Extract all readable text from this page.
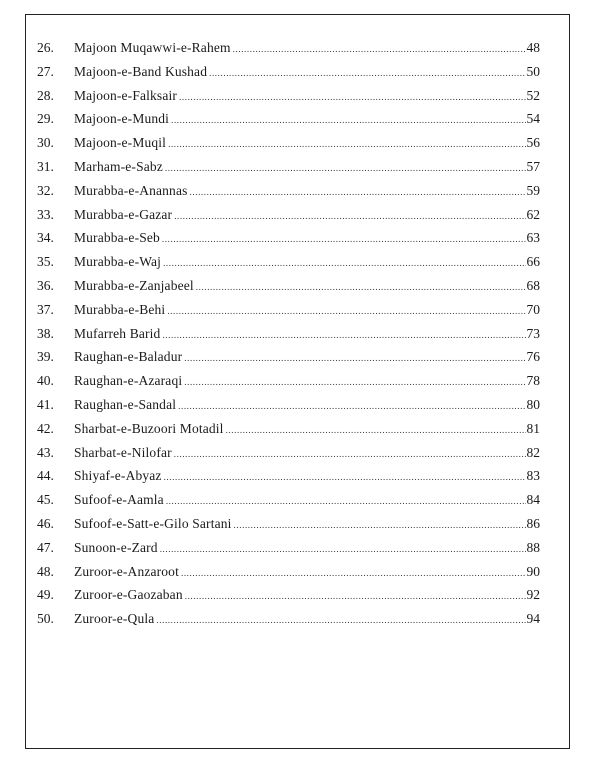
26.	Majoon Muqawwi-e-Rahem .....	48
27.	Majoon-e-Band Kushad .....	50
28.	Majoon-e-Falksair .....	52
29.	Majoon-e-Mundi .....	54
30.	Majoon-e-Muqil .....	56
31.	Marham-e-Sabz .....	57
32.	Murabba-e-Anannas .....	59
33.	Murabba-e-Gazar .....	62
34.	Murabba-e-Seb .....	63
35.	Murabba-e-Waj .....	66
36.	Murabba-e-Zanjabeel .....	68
37.	Murabba-e-Behi .....	70
38.	Mufarreh Barid .....	73
39.	Raughan-e-Baladur .....	76
40.	Raughan-e-Azaraqi .....	78
41.	Raughan-e-Sandal .....	80
42.	Sharbat-e-Buzoori Motadil .....	81
43.	Sharbat-e-Nilofar .....	82
44.	Shiyaf-e-Abyaz .....	83
45.	Sufoof-e-Aamla .....	84
46.	Sufoof-e-Satt-e-Gilo Sartani .....	86
47.	Sunoon-e-Zard .....	88
48.	Zuroor-e-Anzaroot .....	90
49.	Zuroor-e-Gaozaban .....	92
50.	Zuroor-e-Qula .....	94
